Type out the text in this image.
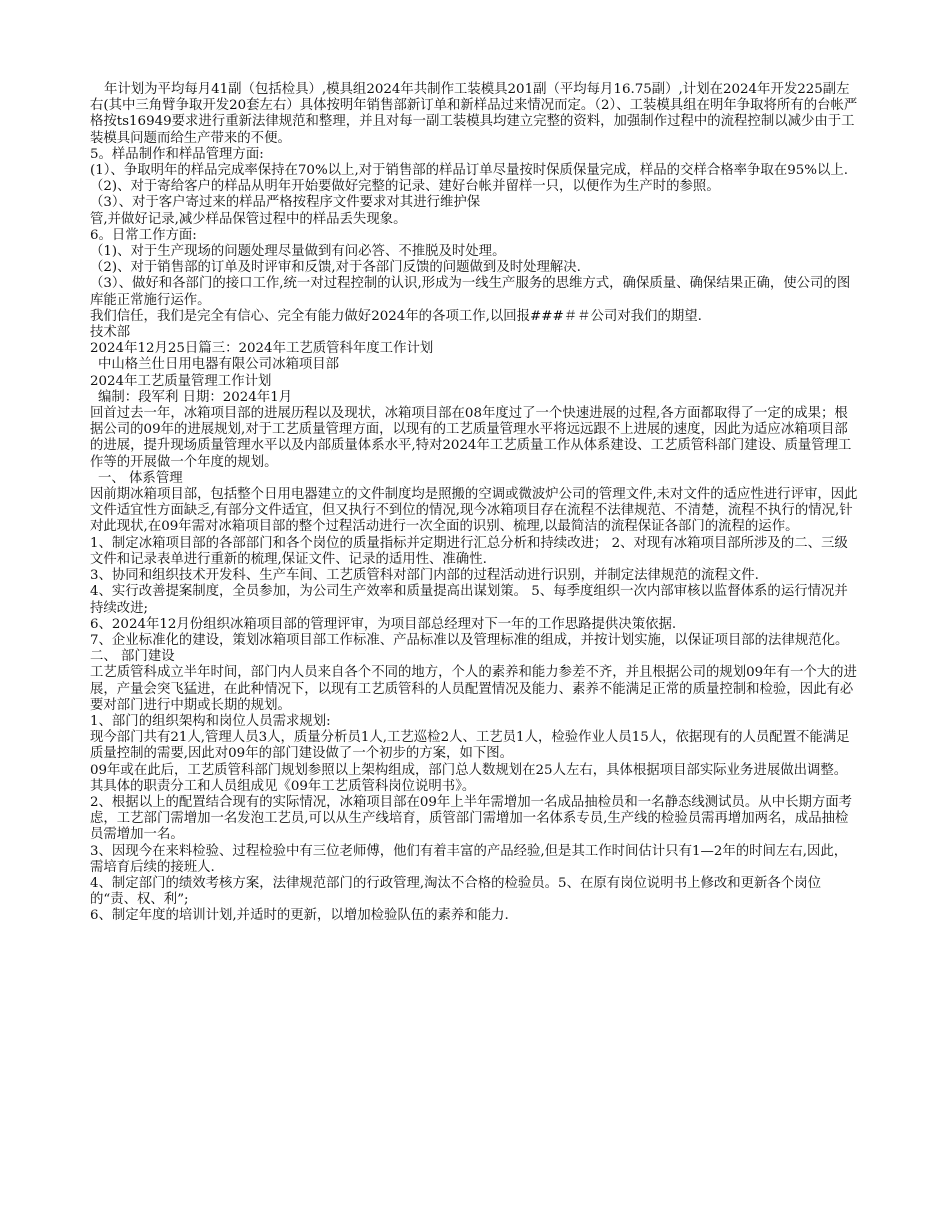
年计划为平均每月41副（包括检具）,模具组2024年共制作工装模具201副（平均每月16.75副）,计划在2024年开发225副左右(其中三角臂争取开发20套左右）具体按明年销售部新订单和新样品过来情况而定。（2）、工装模具组在明年争取将所有的台帐严格按ts16949要求进行重新法律规范和整理，并且对每一副工装模具均建立完整的资料，加强制作过程中的流程控制以减少由于工装模具问题而给生产带来的不便。

5。样品制作和样品管理方面:

(1）、争取明年的样品完成率保持在70%以上,对于销售部的样品订单尽量按时保质保量完成，样品的交样合格率争取在95%以上.（2)、对于寄给客户的样品从明年开始要做好完整的记录、建好台帐并留样一只，以便作为生产时的参照。

（3）、对于客户寄过来的样品严格按程序文件要求对其进行维护保

管,并做好记录,减少样品保管过程中的样品丢失现象。

6。日常工作方面:

（1)、对于生产现场的问题处理尽量做到有问必答、不推脱及时处理。

（2)、对于销售部的订单及时评审和反馈,对于各部门反馈的问题做到及时处理解决.

（3）、做好和各部门的接口工作,统一对过程控制的认识,形成为一线生产服务的思维方式，确保质量、确保结果正确，使公司的图库能正常施行运作。

我们信任，我们是完全有信心、完全有能力做好2024年的各项工作,以回报###＃＃公司对我们的期望.

技术部

2024年12月25日篇三：2024年工艺质管科年度工作计划

中山格兰仕日用电器有限公司冰箱项目部

2024年工艺质量管理工作计划

编制：段军利 日期：2024年1月

回首过去一年，冰箱项目部的进展历程以及现状，冰箱项目部在08年度过了一个快速进展的过程,各方面都取得了一定的成果；根据公司的09年的进展规划,对于工艺质量管理方面，以现有的工艺质量管理水平将远远跟不上进展的速度，因此为适应冰箱项目部的进展，提升现场质量管理水平以及内部质量体系水平,特对2024年工艺质量工作从体系建设、工艺质管科部门建设、质量管理工作等的开展做一个年度的规划。

一、 体系管理

因前期冰箱项目部，包括整个日用电器建立的文件制度均是照搬的空调或微波炉公司的管理文件,未对文件的适应性进行评审，因此文件适宜性方面缺乏,有部分文件适宜，但又执行不到位的情况,现今冰箱项目存在流程不法律规范、不清楚，流程不执行的情况,针对此现状,在09年需对冰箱项目部的整个过程活动进行一次全面的识别、梳理,以最简洁的流程保证各部门的流程的运作。

1、制定冰箱项目部的各部部门和各个岗位的质量指标并定期进行汇总分析和持续改进； 2、对现有冰箱项目部所涉及的二、三级文件和记录表单进行重新的梳理,保证文件、记录的适用性、准确性.

3、协同和组织技术开发科、生产车间、工艺质管科对部门内部的过程活动进行识别，并制定法律规范的流程文件.

4、实行改善提案制度，全员参加，为公司生产效率和质量提高出谋划策。 5、每季度组织一次内部审核以监督体系的运行情况并持续改进;

6、2024年12月份组织冰箱项目部的管理评审，为项目部总经理对下一年的工作思路提供决策依据.

7、企业标准化的建设，策划冰箱项目部工作标准、产品标准以及管理标准的组成，并按计划实施，以保证项目部的法律规范化。

二、 部门建设

工艺质管科成立半年时间，部门内人员来自各个不同的地方，个人的素养和能力参差不齐，并且根据公司的规划09年有一个大的进展，产量会突飞猛进，在此种情况下，以现有工艺质管科的人员配置情况及能力、素养不能满足正常的质量控制和检验，因此有必要对部门进行中期或长期的规划。

1、部门的组织架构和岗位人员需求规划:

现今部门共有21人,管理人员3人，质量分析员1人,工艺巡检2人、工艺员1人，检验作业人员15人，依据现有的人员配置不能满足质量控制的需要,因此对09年的部门建设做了一个初步的方案，如下图。

09年或在此后，工艺质管科部门规划参照以上架构组成，部门总人数规划在25人左右，具体根据项目部实际业务进展做出调整。其具体的职责分工和人员组成见《09年工艺质管科岗位说明书》。

2、根据以上的配置结合现有的实际情况，冰箱项目部在09年上半年需增加一名成品抽检员和一名静态线测试员。从中长期方面考虑，工艺部门需增加一名发泡工艺员,可以从生产线培育，质管部门需增加一名体系专员,生产线的检验员需再增加两名，成品抽检员需增加一名。

3、因现今在来料检验、过程检验中有三位老师傅，他们有着丰富的产品经验,但是其工作时间估计只有1—2年的时间左右,因此，需培育后续的接班人.

4、制定部门的绩效考核方案，法律规范部门的行政管理,淘汰不合格的检验员。5、在原有岗位说明书上修改和更新各个岗位的“责、权、利”;

6、制定年度的培训计划,并适时的更新，以增加检验队伍的素养和能力.
